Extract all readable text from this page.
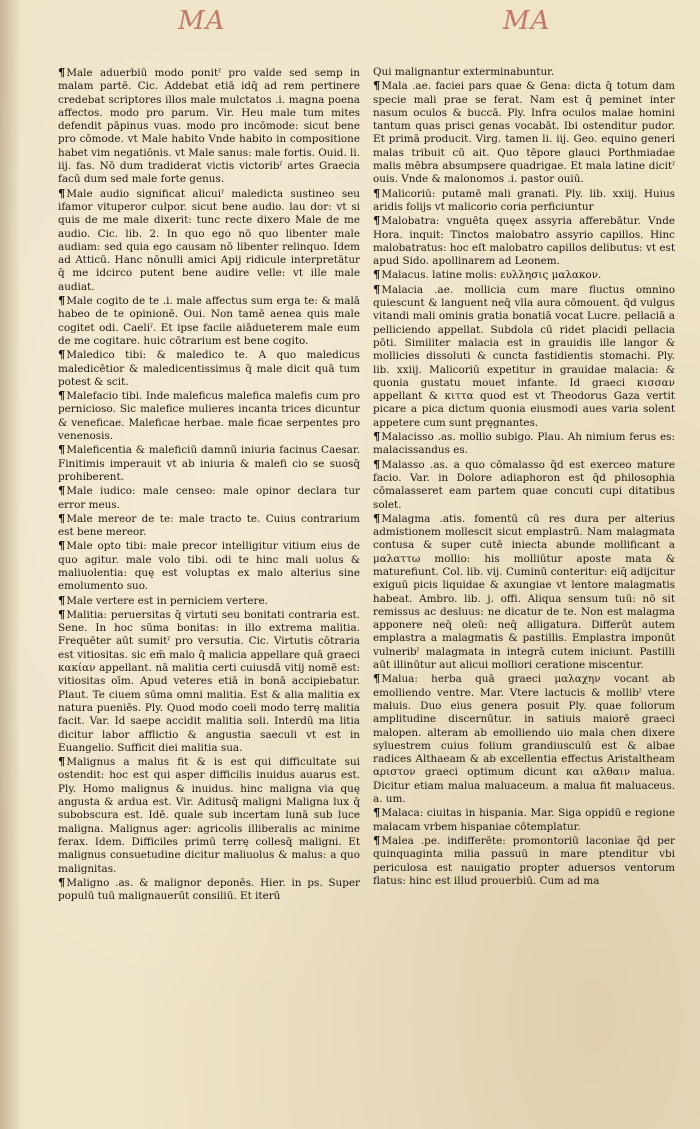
MA	MA
¶Male aduerbiū modo ponitˀ pro valde sed semp in malam partē. Cic. Addebat etiā idq̄ ad rem pertinere credebat scriptores illos male mulctatos .i. magna poena affectos. modo pro parum. Vir. Heu male tum mites defendit pāpinus vuas. modo pro incōmode: sicut bene pro cōmode. vt Male habito Vnde habito in compositione habet vim negatiōnis. vt Male sanus: male fortis. Ouid. li. iij. fas. Nō dum tradiderat victis victoribˀ artes Graecia facū dum sed male forte genus.
¶Male audio significat alicuiˀ maledicta sustineo seu ifamor vituperor culpor. sicut bene audio. lau dor: vt si quis de me male dixerit: tunc recte dixero Male de me audio. Cic. lib. 2. In quo ego nō quo libenter male audiam: sed quia ego causam nō libenter relinquo. Idem ad Atticū. Hanc nōnulli amici Apij ridicule interpretātur q̄ me idcirco putent bene audire velle: vt ille male audiat.
¶Male cogito de te .i. male affectus sum erga te: & malā habeo de te opinionē. Oui. Non tamē aenea quis male cogitet odi. Caeliˀ. Et ipse facile aiādueterem male eum de me cogitare. huic cōtrarium est bene cogito.
¶Maledico tibi: & maledico te. A quo maledicus maledicētior & maledicentissimus q̄ male dicit quā tum potest & scit.
¶Malefacio tibi. Inde maleficus malefica malefis cum pro pernicioso. Sic malefice mulieres incanta trices dicuntur & veneficae. Maleficae herbae. male ficae serpentes pro venenosis.
¶Maleficentia & maleficiū damnū iniuria facinus Caesar. Finitimis imperauit vt ab iniuria & malefi cio se suosq̄ prohiberent.
¶Male iudico: male censeo: male opinor declara tur error meus.
¶Male mereor de te: male tracto te. Cuius contrarium est bene mereor.
¶Male opto tibi: male precor intelligitur vitium eius de quo agitur. male volo tibi. odi te hinc mali uolus & maliuolentia: quę est voluptas ex malo alterius sine emolumento suo.
¶Male vertere est in perniciem vertere.
¶Malitia: peruersitas q̄ virtuti seu bonitati contraria est. Sene. In hoc sūma bonitas: in illo extrema malitia. Frequēter aūt sumitˀ pro versutia. Cic. Virtutis cōtraria est vitiositas. sic em̄ malo q̄ malicia appellare quā graeci κακίαν appellant. nā malitia certi cuiusdā vitij nomē est: vitiositas oīm. Apud veteres etiā in bonā accipiebatur. Plaut. Te ciuem sūma omni malitia. Est & alia malitia ex natura pueniēs. Ply. Quod modo coeli modo terrę malitia facit. Var. Id saepe accidit malitia soli. Interdū ma litia dicitur labor afflictio & angustia saeculi vt est in Euangelio. Sufficit diei malitia sua.
¶Malignus a malus fit & is est qui difficultate sui ostendit: hoc est qui asper difficilis inuidus auarus est. Ply. Homo malignus & inuidus. hinc maligna via quę angusta & ardua est. Vir. Aditusq̄ maligni Maligna lux q̄ subobscura est. Idē. quale sub incertam lunā sub luce maligna. Malignus ager: agricolis illiberalis ac minime ferax. Idem. Difficiles primū terrę collesq̄ maligni. Et malignus consuetudine dicitur maliuolus & malus: a quo malignitas.
¶Maligno .as. & malignor deponēs. Hier. in ps. Super populū tuū malignauerūt consiliū. Et iterū
Qui malignantur exterminabuntur.
¶Mala .ae. faciei pars quae & Gena: dicta q̄ totum dam specie mali prae se ferat. Nam est q̄ peminet inter nasum oculos & buccā. Ply. Infra oculos malae homini tantum quas prisci genas vocabāt. Ibi ostenditur pudor. Et primā producit. Virg. tamen li. iij. Geo. equino generi malas tribuit cū ait. Quo tēpore glauci Porthmiadae malis mēbra absumpsere quadrigae. Et mala latine dicitˀ ouis. Vnde & malonomos .i. pastor ouiū.
¶Malicoriū: putamē mali granati. Ply. lib. xxiij. Huius aridis folijs vt malicorio coria perficiuntur
¶Malobatra: vnguēta quęex assyria afferebātur. Vnde Hora. inquit: Tinctos malobatro assyrio capillos. Hinc malobatratus: hoc eſt malobatro capillos delibutus: vt est apud Sido. apollinarem ad Leonem.
¶Malacus. latine molis: ευλλησις μαλακον.
¶Malacia .ae. mollicia cum mare fluctus omnino quiescunt & languent neq̄ vlla aura cōmouent. q̄d vulgus vitandi mali ominis gratia bonatiā vocat Lucre. pellaciā a pelliciendo appellat. Subdola cū ridet placidi pellacia pōti. Similiter malacia est in grauidis ille langor & mollicies dissoluti & cuncta fastidientis stomachi. Ply. lib. xxiij. Malicoriū expetitur in grauidae malacia: & quonia gustatu mouet infante. Id graeci κισσαν appellant & κιττα quod est vt Theodorus Gaza vertit picare a pica dictum quonia eiusmodi aues varia solent appetere cum sunt pręgnantes.
¶Malacisso .as. mollio subigo. Plau. Ah nimium ferus es: malacissandus es.
¶Malasso .as. a quo cōmalasso q̄d est exerceo mature facio. Var. in Dolore adiaphoron est q̄d philosophia cōmalasseret eam partem quae concuti cupi ditatibus solet.
¶Malagma .atis. fomentū cū res dura per alterius admistionem mollescit sicut emplastrū. Nam malagmata contusa & super cutē iniecta abunde mollificant a μαλαττω mollio: his molliūtur aposte mata & maturefiunt. Col. lib. vij. Cuminū conteritur: eiq̄ adijcitur exiguū picis liquidae & axungiae vt lentore malagmatis habeat. Ambro. lib. j. offi. Aliqua sensum tuū: nō sit remissus ac desluus: ne dicatur de te. Non est malagma apponere neq̄ oleū: neq̄ alligatura. Differūt autem emplastra a malagmatis & pastillis. Emplastra imponūt vulneribˀ malagmata in integrā cutem iniciunt. Pastilli aūt illinūtur aut alicui molliori ceratione miscentur.
¶Malua: herba quā graeci μαλαχην vocant ab emolliendo ventre. Mar. Vtere lactucis & mollibˀ vtere maluis. Duo eius genera posuit Ply. quae foliorum amplitudine discernūtur. in satiuis maiorē graeci malopen. alteram ab emolliendo uio mala chen dixere syluestrem cuius folium grandiusculū est & albae radices Althaeam & ab excellentia effectus Aristaltheam αριστον graeci optimum dicunt και αλθαιν malua. Dicitur etiam malua maluaceum. a malua fit maluaceus. a. um.
¶Malaca: ciuitas in hispania. Mar. Siga oppidū e regione malacam vrbem hispaniae cōtemplatur.
¶Malea .pe. indifferēte: promontoriū laconiae q̄d per quinquaginta milia passuū in mare ptenditur vbi periculosa est nauigatio propter aduersos ventorum flatus: hinc est illud prouerbiū. Cum ad ma
